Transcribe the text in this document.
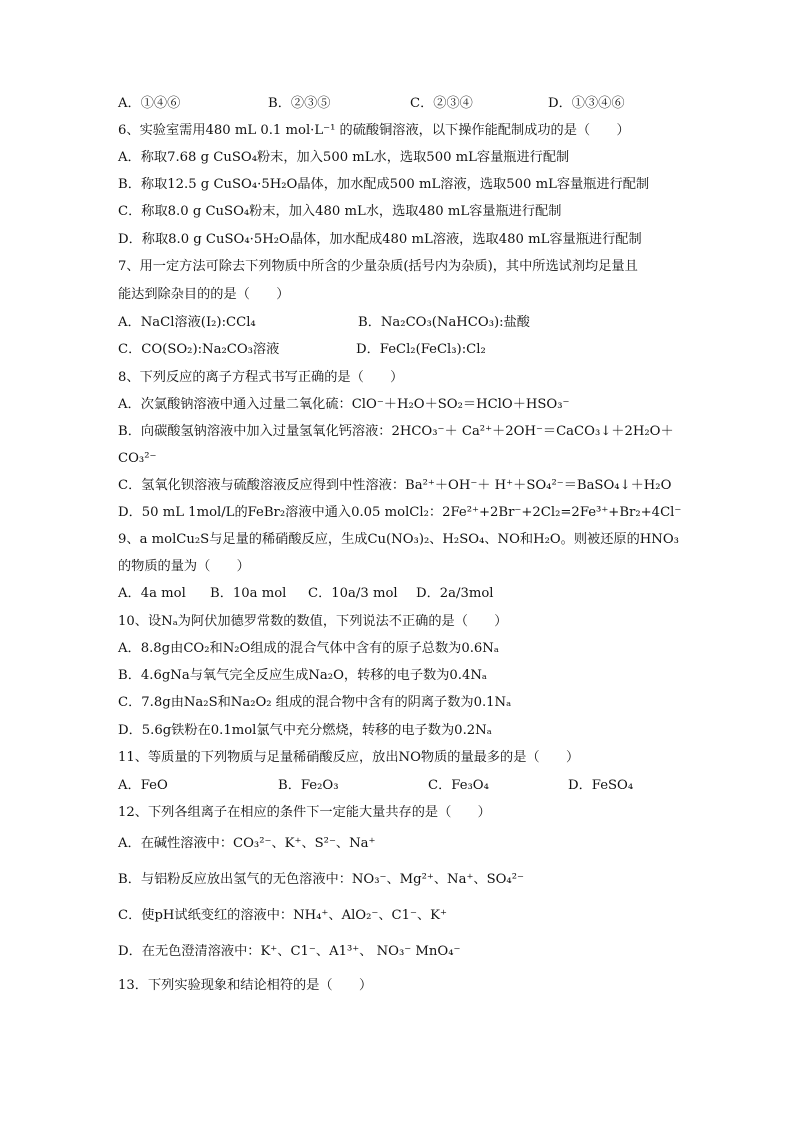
A．①④⑥	B．②③⑤	C．②③④	D．①③④⑥
6、实验室需用480 mL 0.1 mol·L⁻¹ 的硫酸铜溶液，以下操作能配制成功的是（　　）
A．称取7.68 g CuSO₄粉末，加入500 mL水，选取500 mL容量瓶进行配制
B．称取12.5 g CuSO₄·5H₂O晶体，加水配成500 mL溶液，选取500 mL容量瓶进行配制
C．称取8.0 g CuSO₄粉末，加入480 mL水，选取480 mL容量瓶进行配制
D．称取8.0 g CuSO₄·5H₂O晶体，加水配成480 mL溶液，选取480 mL容量瓶进行配制
7、用一定方法可除去下列物质中所含的少量杂质(括号内为杂质)，其中所选试剂均足量且
能达到除杂目的的是（　　）
A．NaCl溶液(I₂):CCl₄	B．Na₂CO₃(NaHCO₃):盐酸
C．CO(SO₂):Na₂CO₃溶液	D．FeCl₂(FeCl₃):Cl₂
8、下列反应的离子方程式书写正确的是（　　）
A．次氯酸钠溶液中通入过量二氧化硫：ClO⁻＋H₂O＋SO₂＝HClO＋HSO₃⁻
B．向碳酸氢钠溶液中加入过量氢氧化钙溶液：2HCO₃⁻＋ Ca²⁺＋2OH⁻＝CaCO₃↓＋2H₂O＋
CO₃²⁻
C．氢氧化钡溶液与硫酸溶液反应得到中性溶液：Ba²⁺＋OH⁻＋ H⁺＋SO₄²⁻＝BaSO₄↓＋H₂O
D．50 mL 1mol/L的FeBr₂溶液中通入0.05 molCl₂：2Fe²⁺+2Br⁻+2Cl₂=2Fe³⁺+Br₂+4Cl⁻
9、a molCu₂S与足量的稀硝酸反应，生成Cu(NO₃)₂、H₂SO₄、NO和H₂O。则被还原的HNO₃
的物质的量为（　　）
A．4a mol B．10a mol C．10a/3 mol D．2a/3mol
10、设Nₐ为阿伏加德罗常数的数值，下列说法不正确的是（　　）
A．8.8g由CO₂和N₂O组成的混合气体中含有的原子总数为0.6Nₐ
B．4.6gNa与氧气完全反应生成Na₂O，转移的电子数为0.4Nₐ
C．7.8g由Na₂S和Na₂O₂ 组成的混合物中含有的阴离子数为0.1Nₐ
D．5.6g铁粉在0.1mol氯气中充分燃烧，转移的电子数为0.2Nₐ
11、等质量的下列物质与足量稀硝酸反应，放出NO物质的量最多的是（　　）
A．FeO	B．Fe₂O₃	C．Fe₃O₄	D．FeSO₄
12、下列各组离子在相应的条件下一定能大量共存的是（　　）
A．在碱性溶液中：CO₃²⁻、K⁺、S²⁻、Na⁺
B．与铝粉反应放出氢气的无色溶液中：NO₃⁻、Mg²⁺、Na⁺、SO₄²⁻
C．使pH试纸变红的溶液中：NH₄⁺、AlO₂⁻、C1⁻、K⁺
D．在无色澄清溶液中：K⁺、C1⁻、A1³⁺、 NO₃⁻ MnO₄⁻
13．下列实验现象和结论相符的是（　　）
